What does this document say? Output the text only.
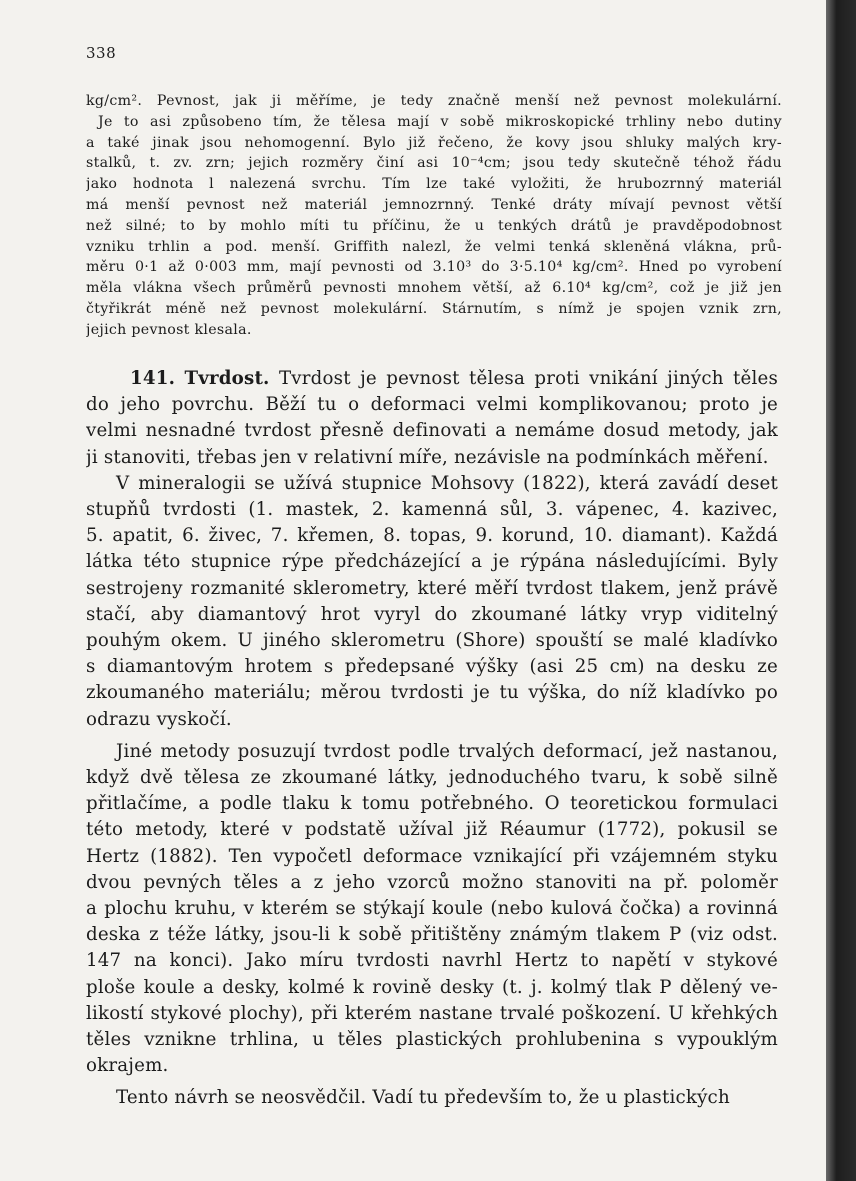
338
kg/cm². Pevnost, jak ji měříme, je tedy značně menší než pevnost molekulární.
Je to asi způsobeno tím, že tělesa mají v sobě mikroskopické trhliny nebo dutiny
a také jinak jsou nehomogenní. Bylo již řečeno, že kovy jsou shluky malých kry-
stalků, t. zv. zrn; jejich rozměry činí asi 10⁻⁴cm; jsou tedy skutečně téhož řádu
jako hodnota l nalezená svrchu. Tím lze také vyložiti, že hrubozrnný materiál
má menší pevnost než materiál jemnozrnný. Tenké dráty mívají pevnost větší
než silné; to by mohlo míti tu příčinu, že u tenkých drátů je pravděpodobnost
vzniku trhlin a pod. menší. Griffith nalezl, že velmi tenká skleněná vlákna, prů-
měru 0·1 až 0·003 mm, mají pevnosti od 3.10³ do 3·5.10⁴ kg/cm². Hned po vyrobení
měla vlákna všech průměrů pevnosti mnohem větší, až 6.10⁴ kg/cm², což je již jen
čtyřikrát méně než pevnost molekulární. Stárnutím, s nímž je spojen vznik zrn,
jejich pevnost klesala.
141. Tvrdost. Tvrdost je pevnost tělesa proti vnikání jiných těles
do jeho povrchu. Běží tu o deformaci velmi komplikovanou; proto je
velmi nesnadné tvrdost přesně definovati a nemáme dosud metody, jak
ji stanoviti, třebas jen v relativní míře, nezávisle na podmínkách měření.
V mineralogii se užívá stupnice Mohsovy (1822), která zavádí deset
stupňů tvrdosti (1. mastek, 2. kamenná sůl, 3. vápenec, 4. kazivec,
5. apatit, 6. živec, 7. křemen, 8. topas, 9. korund, 10. diamant). Každá
látka této stupnice rýpe předcházející a je rýpána následujícími. Byly
sestrojeny rozmanité sklerometry, které měří tvrdost tlakem, jenž právě
stačí, aby diamantový hrot vyryl do zkoumané látky vryp viditelný
pouhým okem. U jiného sklerometru (Shore) spouští se malé kladívko
s diamantovým hrotem s předepsané výšky (asi 25 cm) na desku ze
zkoumaného materiálu; měrou tvrdosti je tu výška, do níž kladívko po
odrazu vyskočí.
Jiné metody posuzují tvrdost podle trvalých deformací, jež nastanou,
když dvě tělesa ze zkoumané látky, jednoduchého tvaru, k sobě silně
přitlačíme, a podle tlaku k tomu potřebného. O teoretickou formulaci
této metody, které v podstatě užíval již Réaumur (1772), pokusil se
Hertz (1882). Ten vypočetl deformace vznikající při vzájemném styku
dvou pevných těles a z jeho vzorců možno stanoviti na př. poloměr
a plochu kruhu, v kterém se stýkají koule (nebo kulová čočka) a rovinná
deska z téže látky, jsou-li k sobě přitištěny známým tlakem P (viz odst.
147 na konci). Jako míru tvrdosti navrhl Hertz to napětí v stykové
ploše koule a desky, kolmé k rovině desky (t. j. kolmý tlak P dělený ve-
likostí stykové plochy), při kterém nastane trvalé poškození. U křehkých
těles vznikne trhlina, u těles plastických prohlubenina s vypouklým
okrajem.
Tento návrh se neosvědčil. Vadí tu především to, že u plastických
